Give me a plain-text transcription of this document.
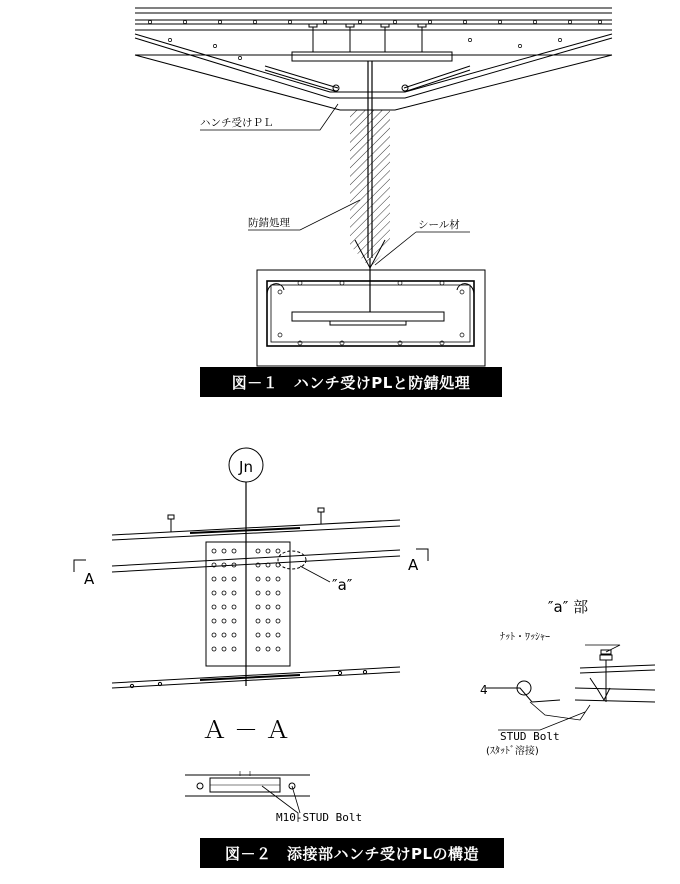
ハンチ受けＰＬ
防錆処理	シール材
Jn
A
A
″a″
Ａ － Ａ
″a″ 部
ﾅｯﾄ・ﾜｯｼｬｰ
4
STUD Bolt
(ｽﾀｯﾄﾞ溶接)
M10-STUD Bolt
図－１　ハンチ受けPLと防錆処理
図－２　添接部ハンチ受けPLの構造
